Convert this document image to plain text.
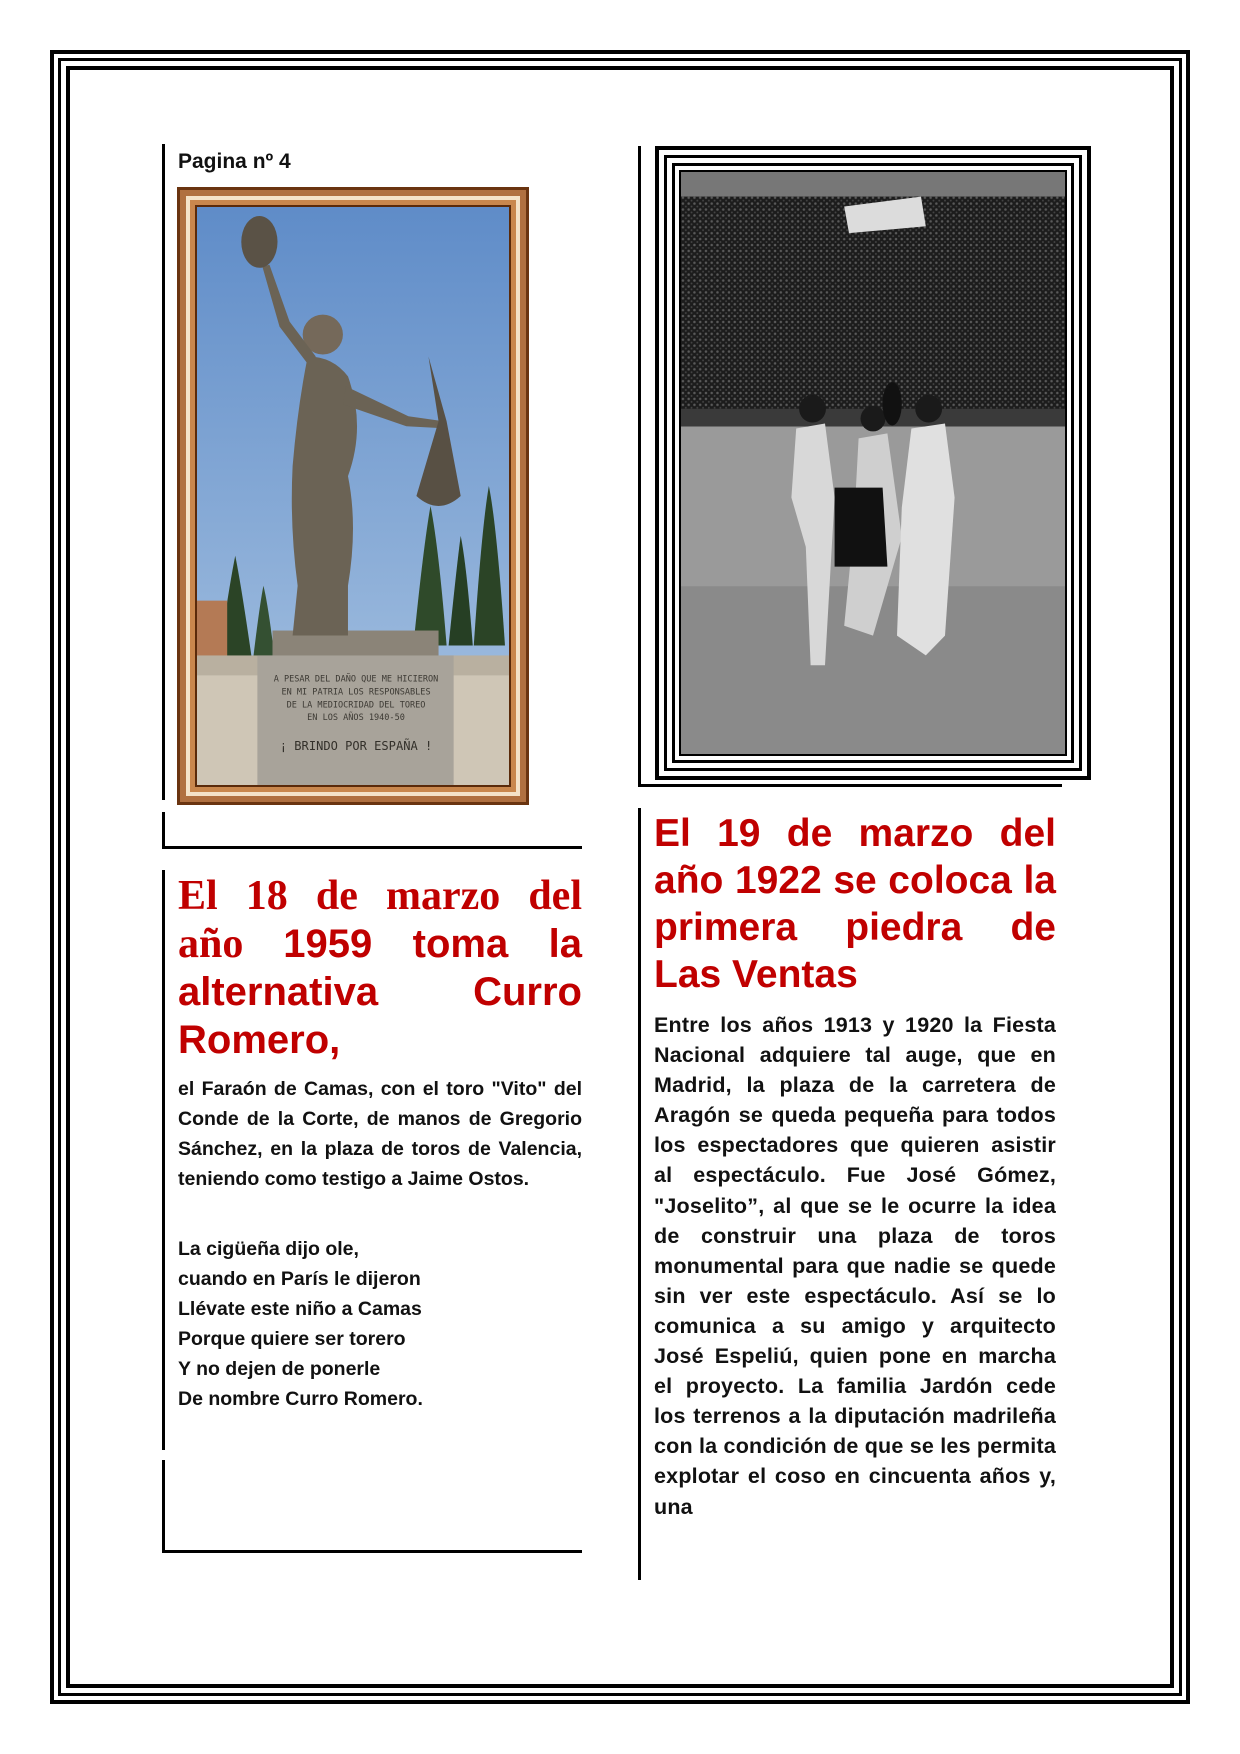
Pagina nº 4
A PESAR DEL DAÑO QUE ME HICIERON
EN MI PATRIA LOS RESPONSABLES
DE LA MEDIOCRIDAD DEL TOREO
EN LOS AÑOS 1940-50
¡ BRINDO POR ESPAÑA !
El 18 de marzo del año 1959 toma la alternativa Curro Romero,

el Faraón de Camas, con el toro "Vito" del Conde de la Corte, de manos de Gregorio Sánchez, en la plaza de toros de Valencia, teniendo como testigo a Jaime Ostos.

La cigüeña dijo ole,
cuando en París le dijeron
Llévate este niño a Camas
Porque quiere ser torero
Y no dejen de ponerle
De nombre Curro Romero.
El 19 de marzo del año 1922 se coloca la primera piedra de Las Ventas

Entre los años 1913 y 1920 la Fiesta Nacional adquiere tal auge, que en Madrid, la plaza de la carretera de Aragón se queda pequeña para todos los espectadores que quieren asistir al espectáculo. Fue José Gómez, "Joselito”, al que se le ocurre la idea de construir una plaza de toros monumental para que nadie se quede sin ver este espectáculo. Así se lo comunica a su amigo y arquitecto José Espeliú, quien pone en marcha el proyecto. La familia Jardón cede los terrenos a la diputación madrileña con la condición de que se les permita explotar el coso en cincuenta años y, una
